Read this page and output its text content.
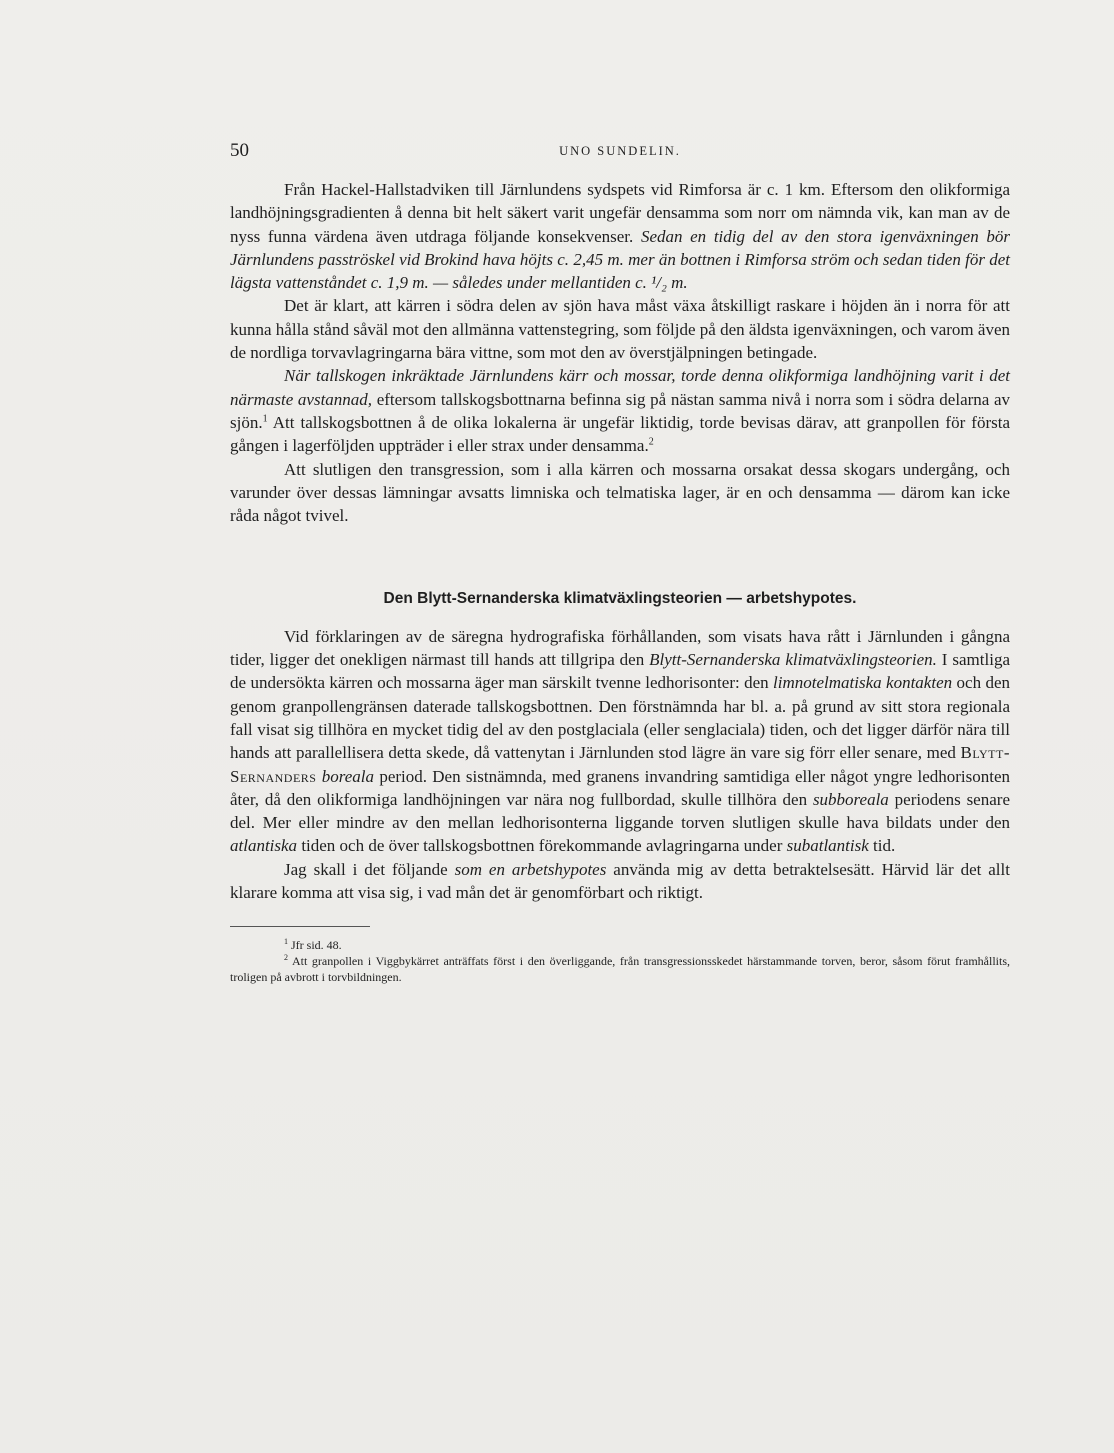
50	UNO SUNDELIN.

Från Hackel-Hallstadviken till Järnlundens sydspets vid Rimforsa är c. 1 km. Eftersom den olikformiga landhöjningsgradienten å denna bit helt säkert varit ungefär densamma som norr om nämnda vik, kan man av de nyss funna värdena även utdraga följande konsekvenser. Sedan en tidig del av den stora igenväxningen bör Järnlundens pasströskel vid Brokind hava höjts c. 2,45 m. mer än bottnen i Rimforsa ström och sedan tiden för det lägsta vattenståndet c. 1,9 m. — således under mellantiden c. ¹/₂ m.

Det är klart, att kärren i södra delen av sjön hava måst växa åtskilligt raskare i höjden än i norra för att kunna hålla stånd såväl mot den allmänna vattenstegring, som följde på den äldsta igenväxningen, och varom även de nordliga torvavlagringarna bära vittne, som mot den av överstjälpningen betingade.

När tallskogen inkräktade Järnlundens kärr och mossar, torde denna olikformiga landhöjning varit i det närmaste avstannad, eftersom tallskogsbottnarna befinna sig på nästan samma nivå i norra som i södra delarna av sjön.$^1$ Att tallskogsbottnen å de olika lokalerna är ungefär liktidig, torde bevisas därav, att granpollen för första gången i lagerföljden uppträder i eller strax under densamma.$^2$

Att slutligen den transgression, som i alla kärren och mossarna orsakat dessa skogars undergång, och varunder över dessas lämningar avsatts limniska och telmatiska lager, är en och densamma — därom kan icke råda något tvivel.

Den Blytt-Sernanderska klimatväxlingsteorien — arbetshypotes.

Vid förklaringen av de säregna hydrografiska förhållanden, som visats hava rått i Järnlunden i gångna tider, ligger det onekligen närmast till hands att tillgripa den Blytt-Sernanderska klimatväxlingsteorien. I samtliga de undersökta kärren och mossarna äger man särskilt tvenne ledhorisonter: den limnotelmatiska kontakten och den genom granpollengränsen daterade tallskogsbottnen. Den förstnämnda har bl. a. på grund av sitt stora regionala fall visat sig tillhöra en mycket tidig del av den postglaciala (eller senglaciala) tiden, och det ligger därför nära till hands att parallellisera detta skede, då vattenytan i Järnlunden stod lägre än vare sig förr eller senare, med Blytt-Sernanders boreala period. Den sistnämnda, med granens invandring samtidiga eller något yngre ledhorisonten åter, då den olikformiga landhöjningen var nära nog fullbordad, skulle tillhöra den subboreala periodens senare del. Mer eller mindre av den mellan ledhorisonterna liggande torven slutligen skulle hava bildats under den atlantiska tiden och de över tallskogsbottnen förekommande avlagringarna under subatlantisk tid.

Jag skall i det följande som en arbetshypotes använda mig av detta betraktelsesätt. Härvid lär det allt klarare komma att visa sig, i vad mån det är genomförbart och riktigt.

$^1$ Jfr sid. 48.

$^2$ Att granpollen i Viggbykärret anträffats först i den överliggande, från transgressionsskedet härstammande torven, beror, såsom förut framhållits, troligen på avbrott i torvbildningen.
